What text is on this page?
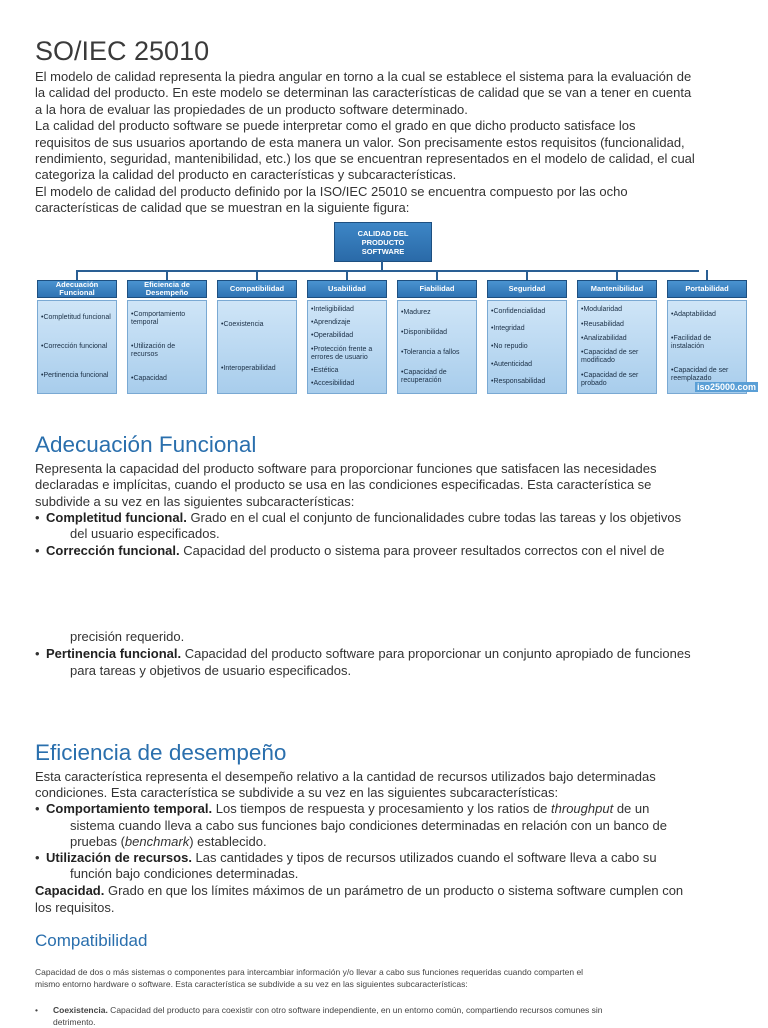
SO/IEC 25010
El modelo de calidad representa la piedra angular en torno a la cual se establece el sistema para la evaluación de
la calidad del producto. En este modelo se determinan las características de calidad que se van a tener en cuenta
a la hora de evaluar las propiedades de un producto software determinado.
La calidad del producto software se puede interpretar como el grado en que dicho producto satisface los
requisitos de sus usuarios aportando de esta manera un valor. Son precisamente estos requisitos (funcionalidad,
rendimiento, seguridad, mantenibilidad, etc.) los que se encuentran representados en el modelo de calidad, el cual
categoriza la calidad del producto en características y subcaracterísticas.
El modelo de calidad del producto definido por la ISO/IEC 25010 se encuentra compuesto por las ocho
características de calidad que se muestran en la siguiente figura:
CALIDAD DEL
PRODUCTO
SOFTWARE
Adecuación Funcional
•Completitud funcional
•Corrección funcional
•Pertinencia funcional
Eficiencia de Desempeño
•Comportamiento temporal
•Utilización de recursos
•Capacidad
Compatibilidad
•Coexistencia
•Interoperabilidad
Usabilidad
•Inteligibilidad
•Aprendizaje
•Operabilidad
•Protección frente a errores de usuario
•Estética
•Accesibilidad
Fiabilidad
•Madurez
•Disponibilidad
•Tolerancia a fallos
•Capacidad de recuperación
Seguridad
•Confidencialidad
•Integridad
•No repudio
•Autenticidad
•Responsabilidad
Mantenibilidad
•Modularidad
•Reusabilidad
•Analizabilidad
•Capacidad de ser modificado
•Capacidad de ser probado
Portabilidad
•Adaptabilidad
•Facilidad de instalación
•Capacidad de ser reemplazado
iso25000.com
Adecuación Funcional
Representa la capacidad del producto software para proporcionar funciones que satisfacen las necesidades
declaradas e implícitas, cuando el producto se usa en las condiciones especificadas. Esta característica se
subdivide a su vez en las siguientes subcaracterísticas:
• Completitud funcional. Grado en el cual el conjunto de funcionalidades cubre todas las tareas y los objetivos
del usuario especificados.
• Corrección funcional. Capacidad del producto o sistema para proveer resultados correctos con el nivel de
precisión requerido.
• Pertinencia funcional. Capacidad del producto software para proporcionar un conjunto apropiado de funciones
para tareas y objetivos de usuario especificados.
Eficiencia de desempeño
Esta característica representa el desempeño relativo a la cantidad de recursos utilizados bajo determinadas
condiciones. Esta característica se subdivide a su vez en las siguientes subcaracterísticas:
• Comportamiento temporal. Los tiempos de respuesta y procesamiento y los ratios de throughput de un
sistema cuando lleva a cabo sus funciones bajo condiciones determinadas en relación con un banco de
pruebas (benchmark) establecido.
• Utilización de recursos. Las cantidades y tipos de recursos utilizados cuando el software lleva a cabo su
función bajo condiciones determinadas.
Capacidad. Grado en que los límites máximos de un parámetro de un producto o sistema software cumplen con
los requisitos.
Compatibilidad
Capacidad de dos o más sistemas o componentes para intercambiar información y/o llevar a cabo sus funciones requeridas cuando comparten el
mismo entorno hardware o software. Esta característica se subdivide a su vez en las siguientes subcaracterísticas:
• Coexistencia. Capacidad del producto para coexistir con otro software independiente, en un entorno común, compartiendo recursos comunes sin
detrimento.
